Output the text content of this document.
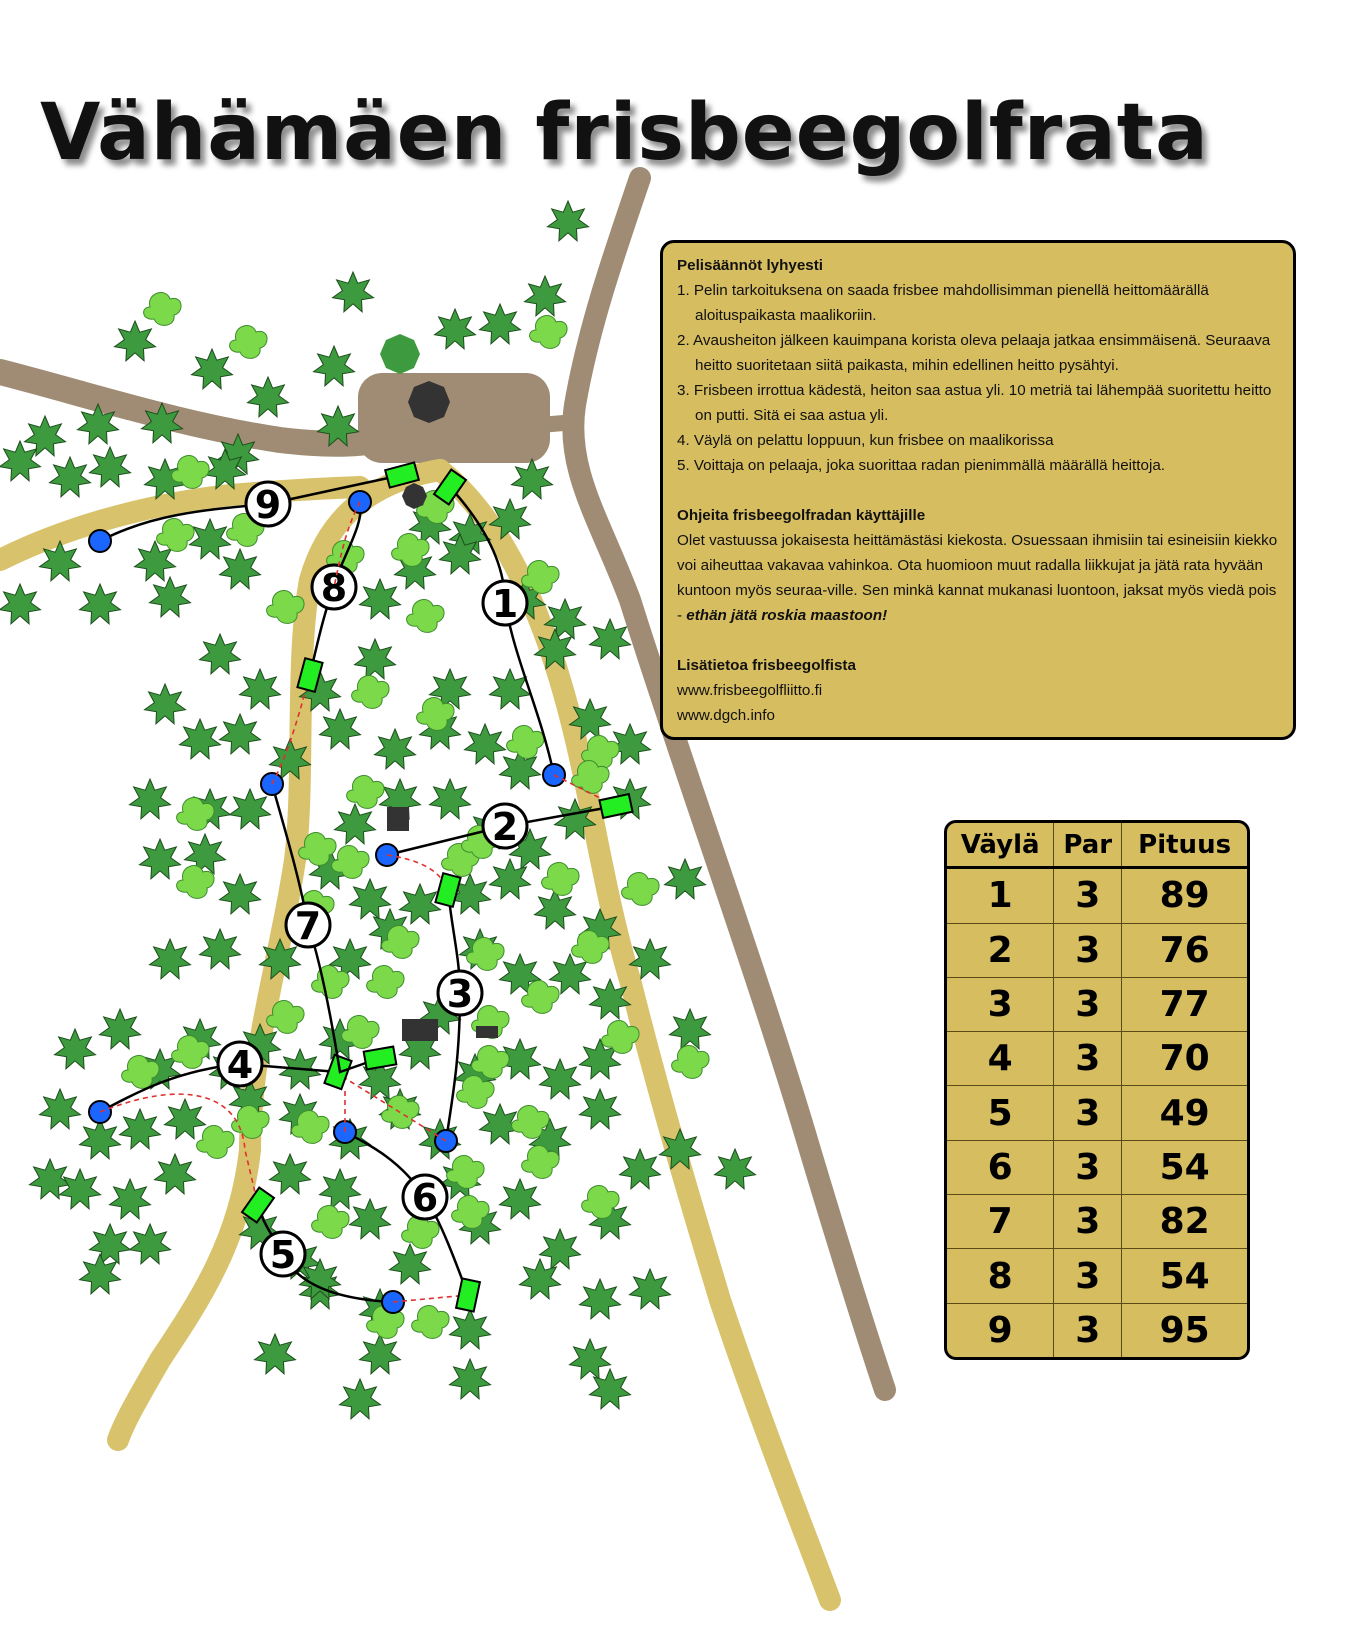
1
2
3
4
5
6
7
8
9
Vähämäen frisbeegolfrata
Pelisäännöt lyhyesti
1. Pelin tarkoituksena on saada frisbee mahdollisimman pienellä heittomäärällä aloituspaikasta maalikoriin.
2. Avausheiton jälkeen kauimpana korista oleva pelaaja jatkaa ensimmäisenä. Seuraava heitto suoritetaan siitä paikasta, mihin edellinen heitto pysähtyi.
3. Frisbeen irrottua kädestä, heiton saa astua yli. 10 metriä tai lähempää suoritettu heitto on putti. Sitä ei saa astua yli.
4. Väylä on pelattu loppuun, kun frisbee on maalikorissa
5. Voittaja on pelaaja, joka suorittaa radan pienimmällä määrällä heittoja.
Ohjeita frisbeegolfradan käyttäjille
Olet vastuussa jokaisesta heittämästäsi kiekosta. Osuessaan ihmisiin tai esineisiin kiekko voi aiheuttaa vakavaa vahinkoa. Ota huomioon muut radalla liikkujat ja jätä rata hyvään kuntoon myös seuraa-ville. Sen minkä kannat mukanasi luontoon, jaksat myös viedä pois - ethän jätä roskia maastoon!
Lisätietoa frisbeegolfista
www.frisbeegolfliitto.fi
www.dgch.info
Väylä	Par	Pituus
1	3	89
2	3	76
3	3	77
4	3	70
5	3	49
6	3	54
7	3	82
8	3	54
9	3	95
